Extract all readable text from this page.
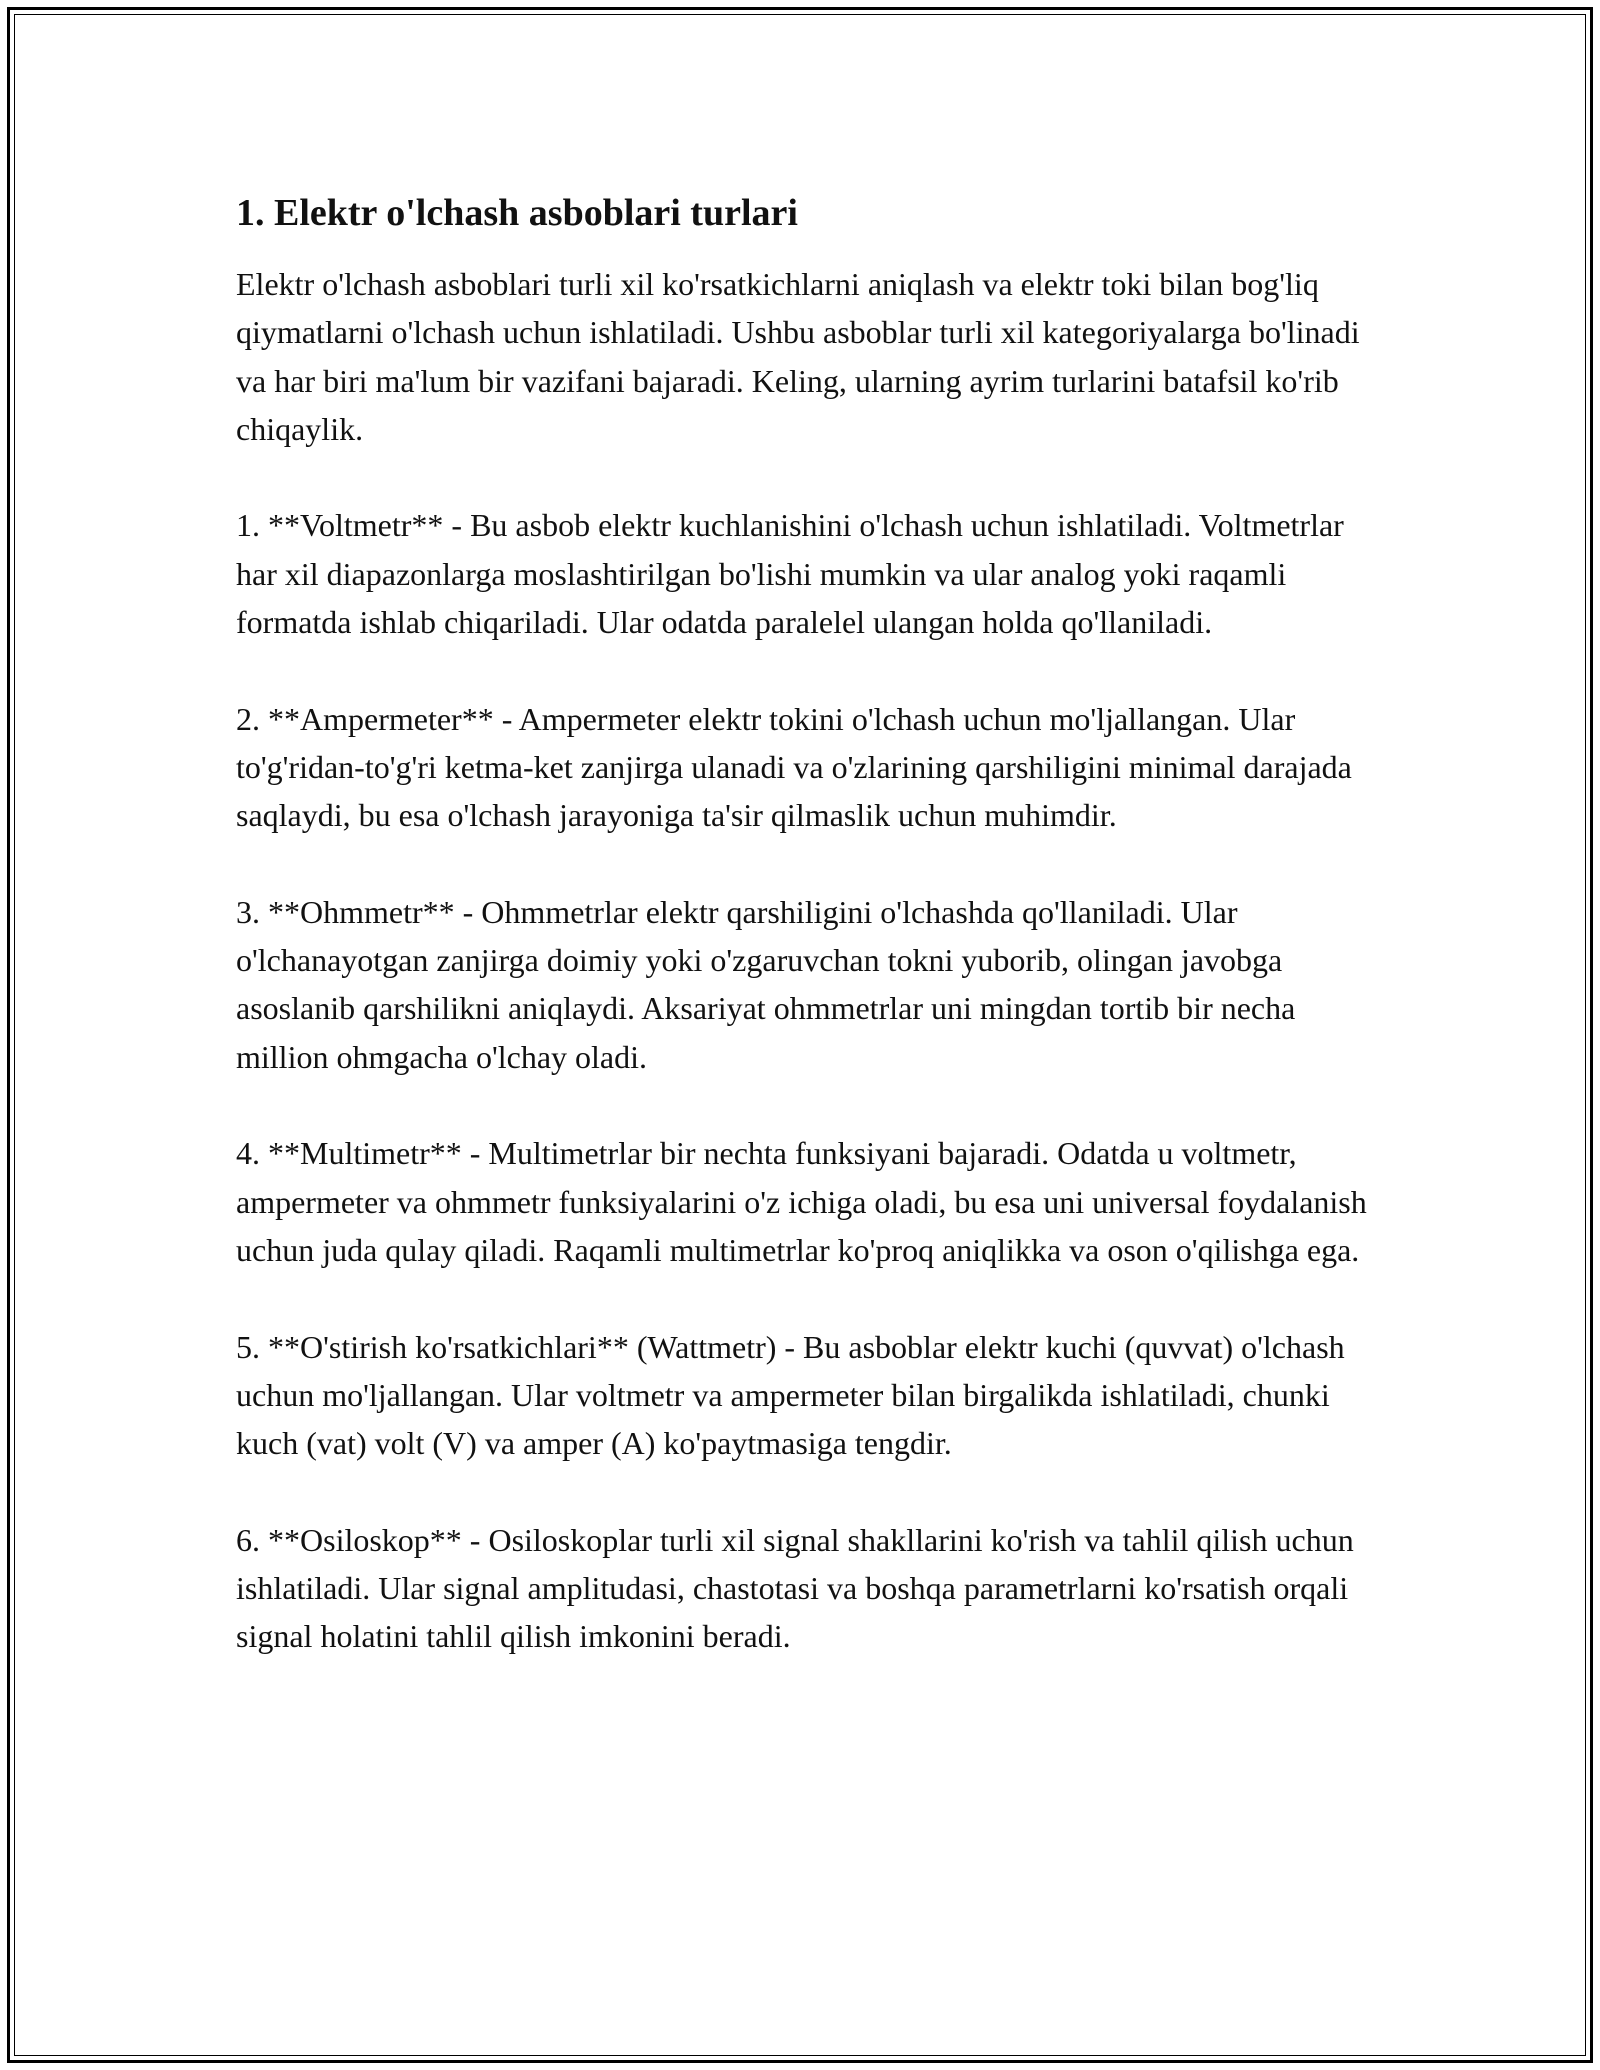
1. Elektr o'lchash asboblari turlari

Elektr o'lchash asboblari turli xil ko'rsatkichlarni aniqlash va elektr toki bilan bog'liq qiymatlarni o'lchash uchun ishlatiladi. Ushbu asboblar turli xil kategoriyalarga bo'linadi va har biri ma'lum bir vazifani bajaradi. Keling, ularning ayrim turlarini batafsil ko'rib chiqaylik.

1. **Voltmetr** - Bu asbob elektr kuchlanishini o'lchash uchun ishlatiladi. Voltmetrlar har xil diapazonlarga moslashtirilgan bo'lishi mumkin va ular analog yoki raqamli formatda ishlab chiqariladi. Ular odatda paralelel ulangan holda qo'llaniladi.

2. **Ampermeter** - Ampermeter elektr tokini o'lchash uchun mo'ljallangan. Ular to'g'ridan-to'g'ri ketma-ket zanjirga ulanadi va o'zlarining qarshiligini minimal darajada saqlaydi, bu esa o'lchash jarayoniga ta'sir qilmaslik uchun muhimdir.

3. **Ohmmetr** - Ohmmetrlar elektr qarshiligini o'lchashda qo'llaniladi. Ular o'lchanayotgan zanjirga doimiy yoki o'zgaruvchan tokni yuborib, olingan javobga asoslanib qarshilikni aniqlaydi. Aksariyat ohmmetrlar uni mingdan tortib bir necha million ohmgacha o'lchay oladi.

4. **Multimetr** - Multimetrlar bir nechta funksiyani bajaradi. Odatda u voltmetr, ampermeter va ohmmetr funksiyalarini o'z ichiga oladi, bu esa uni universal foydalanish uchun juda qulay qiladi. Raqamli multimetrlar ko'proq aniqlikka va oson o'qilishga ega.

5. **O'stirish ko'rsatkichlari** (Wattmetr) - Bu asboblar elektr kuchi (quvvat) o'lchash uchun mo'ljallangan. Ular voltmetr va ampermeter bilan birgalikda ishlatiladi, chunki kuch (vat) volt (V) va amper (A) ko'paytmasiga tengdir.

6. **Osiloskop** - Osiloskoplar turli xil signal shakllarini ko'rish va tahlil qilish uchun ishlatiladi. Ular signal amplitudasi, chastotasi va boshqa parametrlarni ko'rsatish orqali signal holatini tahlil qilish imkonini beradi.
